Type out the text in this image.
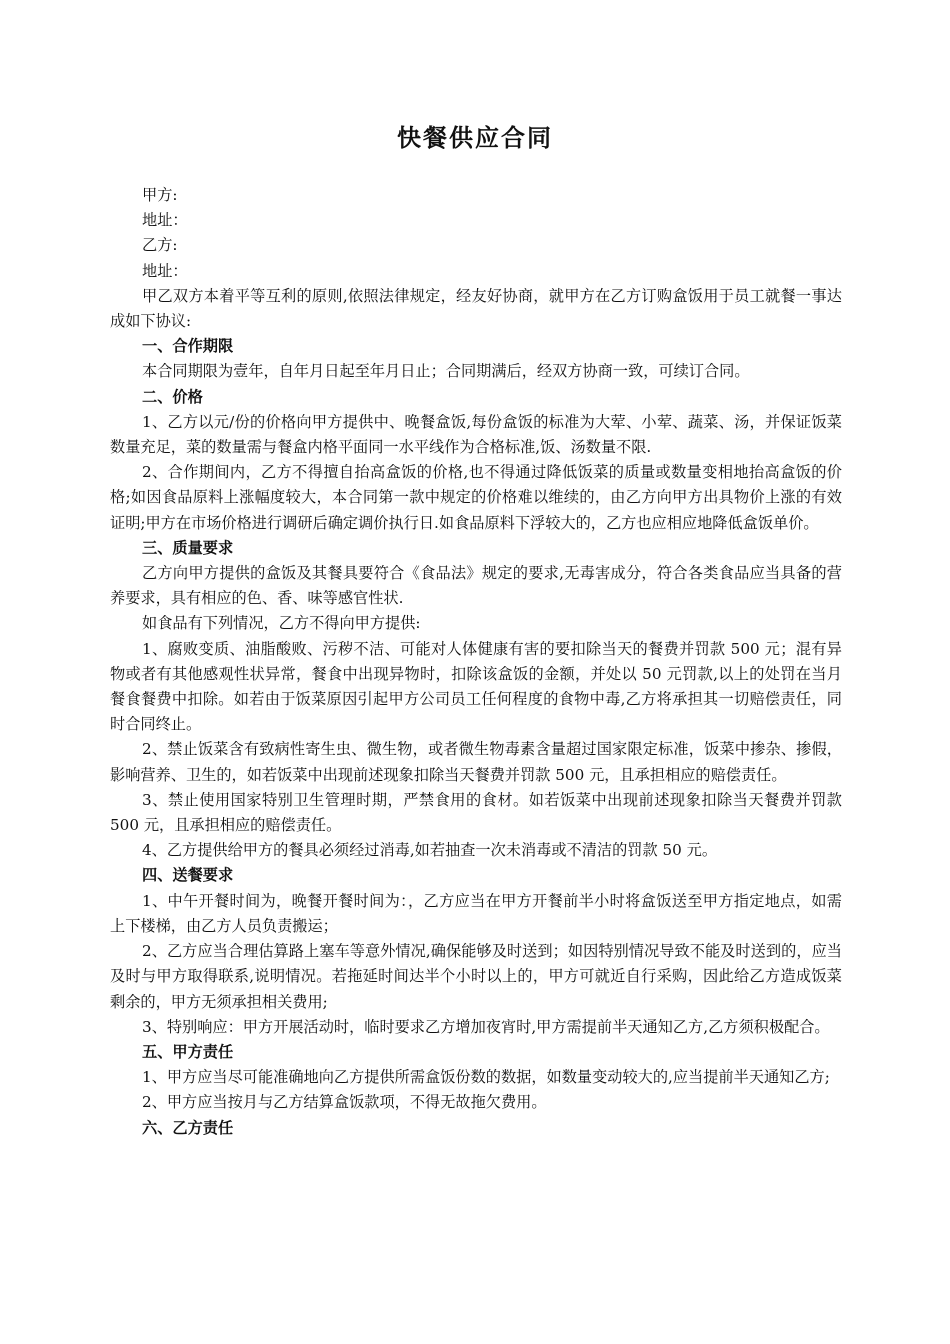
快餐供应合同

甲方:

地址：

乙方:

地址：

甲乙双方本着平等互利的原则,依照法律规定，经友好协商，就甲方在乙方订购盒饭用于员工就餐一事达成如下协议:

一、合作期限

本合同期限为壹年，自年月日起至年月日止；合同期满后，经双方协商一致，可续订合同。

二、价格

1、乙方以元/份的价格向甲方提供中、晚餐盒饭,每份盒饭的标准为大荤、小荤、蔬菜、汤，并保证饭菜数量充足，菜的数量需与餐盒内格平面同一水平线作为合格标准,饭、汤数量不限.

2、合作期间内，乙方不得擅自抬高盒饭的价格,也不得通过降低饭菜的质量或数量变相地抬高盒饭的价格;如因食品原料上涨幅度较大，本合同第一款中规定的价格难以维续的，由乙方向甲方出具物价上涨的有效证明;甲方在市场价格进行调研后确定调价执行日.如食品原料下浮较大的，乙方也应相应地降低盒饭单价。

三、质量要求

乙方向甲方提供的盒饭及其餐具要符合《食品法》规定的要求,无毒害成分，符合各类食品应当具备的营养要求，具有相应的色、香、味等感官性状.

如食品有下列情况，乙方不得向甲方提供:

1、腐败变质、油脂酸败、污秽不洁、可能对人体健康有害的要扣除当天的餐费并罚款 500 元；混有异物或者有其他感观性状异常，餐食中出现异物时，扣除该盒饭的金额，并处以 50 元罚款,以上的处罚在当月餐食餐费中扣除。如若由于饭菜原因引起甲方公司员工任何程度的食物中毒,乙方将承担其一切赔偿责任，同时合同终止。

2、禁止饭菜含有致病性寄生虫、微生物，或者微生物毒素含量超过国家限定标准，饭菜中掺杂、掺假，影响营养、卫生的，如若饭菜中出现前述现象扣除当天餐费并罚款 500 元，且承担相应的赔偿责任。

3、禁止使用国家特别卫生管理时期，严禁食用的食材。如若饭菜中出现前述现象扣除当天餐费并罚款 500 元，且承担相应的赔偿责任。

4、乙方提供给甲方的餐具必须经过消毒,如若抽查一次未消毒或不清洁的罚款 50 元。

四、送餐要求

1、中午开餐时间为，晚餐开餐时间为：，乙方应当在甲方开餐前半小时将盒饭送至甲方指定地点，如需上下楼梯，由乙方人员负责搬运；

2、乙方应当合理估算路上塞车等意外情况,确保能够及时送到；如因特别情况导致不能及时送到的，应当及时与甲方取得联系,说明情况。若拖延时间达半个小时以上的，甲方可就近自行采购，因此给乙方造成饭菜剩余的，甲方无须承担相关费用;

3、特别响应：甲方开展活动时，临时要求乙方增加夜宵时,甲方需提前半天通知乙方,乙方须积极配合。

五、甲方责任

1、甲方应当尽可能准确地向乙方提供所需盒饭份数的数据，如数量变动较大的,应当提前半天通知乙方;

2、甲方应当按月与乙方结算盒饭款项，不得无故拖欠费用。

六、乙方责任
